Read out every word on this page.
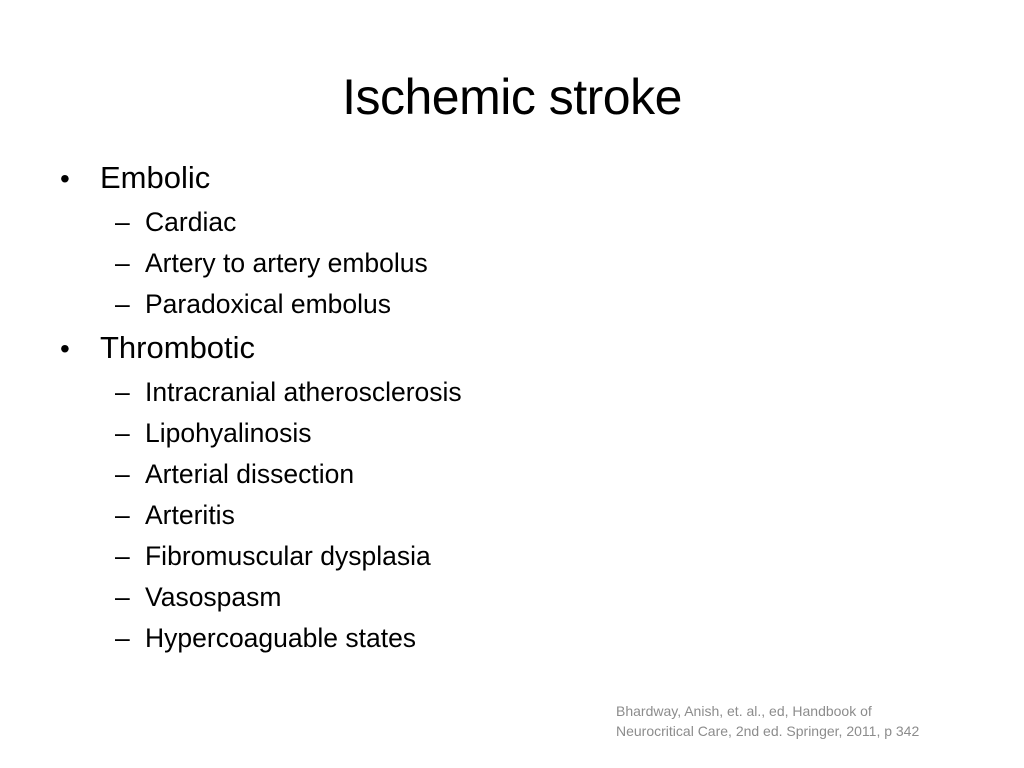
Ischemic stroke
• Embolic
– Cardiac
– Artery to artery embolus
– Paradoxical embolus
• Thrombotic
– Intracranial atherosclerosis
– Lipohyalinosis
– Arterial dissection
– Arteritis
– Fibromuscular dysplasia
– Vasospasm
– Hypercoaguable states
Bhardway, Anish, et. al., ed, Handbook of
Neurocritical Care, 2nd ed. Springer, 2011, p 342
